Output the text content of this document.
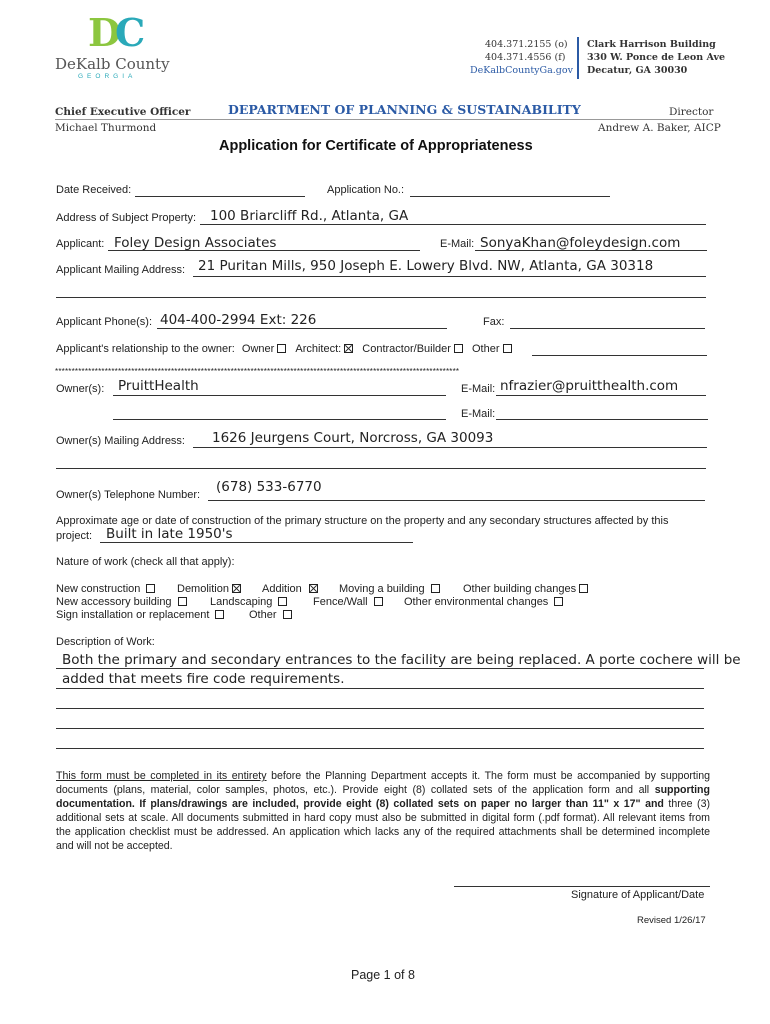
DC
DeKalb County
GEORGIA
404.371.2155 (o)
404.371.4556 (f)
DeKalbCountyGa.gov
Clark Harrison Building
330 W. Ponce de Leon Ave
Decatur, GA 30030
Chief Executive Officer
Michael Thurmond
DEPARTMENT OF PLANNING & SUSTAINABILITY	Director
Andrew A. Baker, AICP
Application for Certificate of Appropriateness
Date Received:	Application No.:
Address of Subject Property: 100 Briarcliff Rd., Atlanta, GA
Applicant: Foley Design Associates	E-Mail: SonyaKhan@foleydesign.com
Applicant Mailing Address: 21 Puritan Mills, 950 Joseph E. Lowery Blvd. NW, Atlanta, GA 30318
Applicant Phone(s): 404-400-2994 Ext: 226	Fax:
Applicant's relationship to the owner: Owner Architect: Contractor/Builder Other
**************************************************************************************************************************
Owner(s): PruittHealth	E-Mail: nfrazier@pruitthealth.com
E-Mail:
Owner(s) Mailing Address: 1626 Jeurgens Court, Norcross, GA 30093
Owner(s) Telephone Number: (678) 533-6770
Approximate age or date of construction of the primary structure on the property and any secondary structures affected by this
project: Built in late 1950's
Nature of work (check all that apply):
New construction	Demolition	Addition	Moving a building	Other building changes
New accessory building	Landscaping	Fence/Wall	Other environmental changes
Sign installation or replacement	Other
Description of Work:
Both the primary and secondary entrances to the facility are being replaced. A porte cochere will be
added that meets fire code requirements.
This form must be completed in its entirety before the Planning Department accepts it. The form must be accompanied by supporting documents (plans, material, color samples, photos, etc.). Provide eight (8) collated sets of the application form and all supporting documentation. If plans/drawings are included, provide eight (8) collated sets on paper no larger than 11" x 17" and three (3) additional sets at scale. All documents submitted in hard copy must also be submitted in digital form (.pdf format). All relevant items from the application checklist must be addressed. An application which lacks any of the required attachments shall be determined incomplete and will not be accepted.
Signature of Applicant/Date
Revised 1/26/17
Page 1 of 8
